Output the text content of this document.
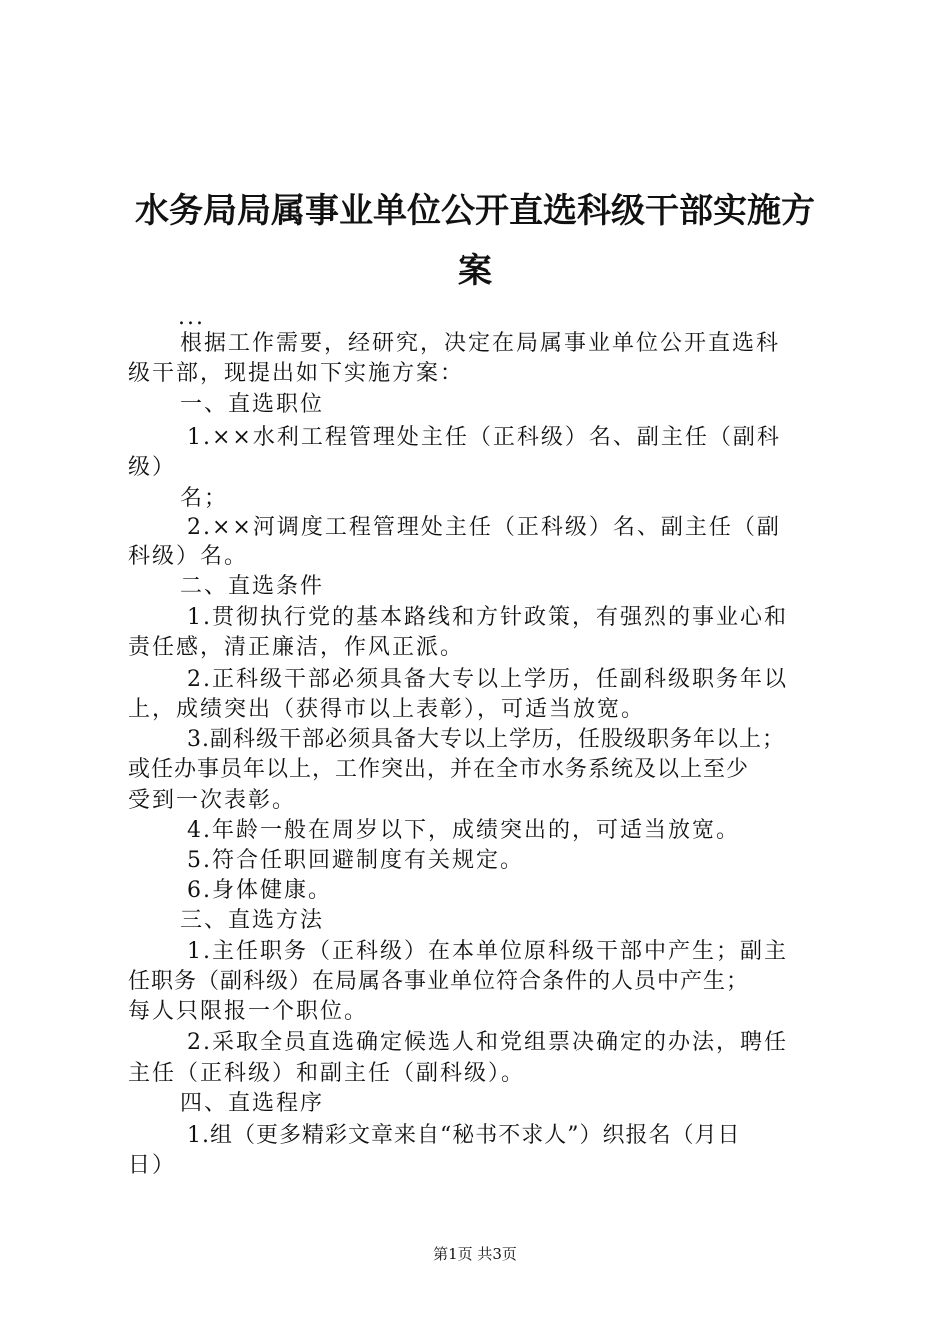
水务局局属事业单位公开直选科级干部实施方
案
...
根据工作需要，经研究，决定在局属事业单位公开直选科
级干部，现提出如下实施方案：
一、直选职位
1.××水利工程管理处主任（正科级）名、副主任（副科
级）
名；
2.××河调度工程管理处主任（正科级）名、副主任（副
科级）名。
二、直选条件
1.贯彻执行党的基本路线和方针政策，有强烈的事业心和
责任感，清正廉洁，作风正派。
2.正科级干部必须具备大专以上学历，任副科级职务年以
上，成绩突出（获得市以上表彰），可适当放宽。
3.副科级干部必须具备大专以上学历，任股级职务年以上；
或任办事员年以上，工作突出，并在全市水务系统及以上至少
受到一次表彰。
4.年龄一般在周岁以下，成绩突出的，可适当放宽。
5.符合任职回避制度有关规定。
6.身体健康。
三、直选方法
1.主任职务（正科级）在本单位原科级干部中产生；副主
任职务（副科级）在局属各事业单位符合条件的人员中产生；
每人只限报一个职位。
2.采取全员直选确定候选人和党组票决确定的办法，聘任
主任（正科级）和副主任（副科级）。
四、直选程序
1.组（更多精彩文章来自“秘书不求人”）织报名（月日
日）
第1页 共3页
